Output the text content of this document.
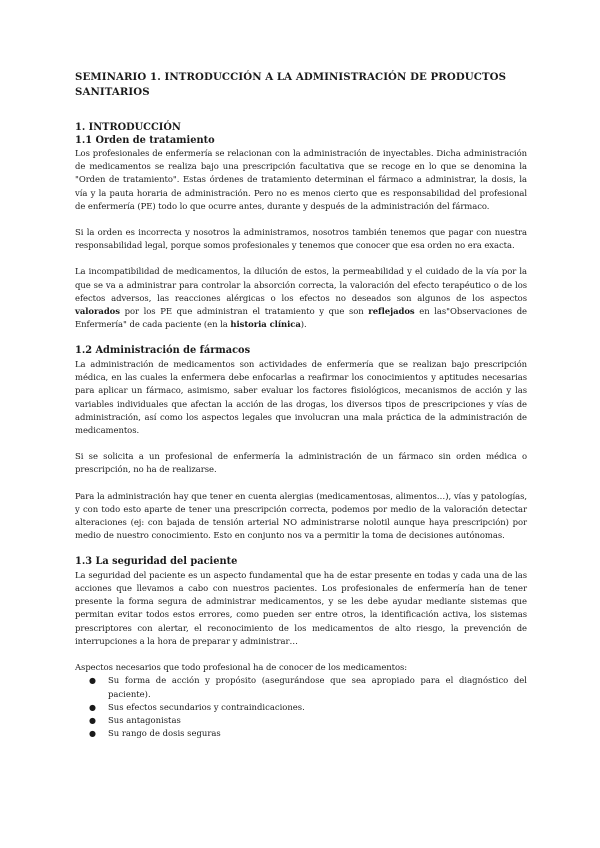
SEMINARIO 1. INTRODUCCIÓN A LA ADMINISTRACIÓN DE PRODUCTOS SANITARIOS
1. INTRODUCCIÓN
1.1 Orden de tratamiento

Los profesionales de enfermería se relacionan con la administración de inyectables. Dicha administración de medicamentos se realiza bajo una prescripción facultativa que se recoge en lo que se denomina la "Orden de tratamiento". Estas órdenes de tratamiento determinan el fármaco a administrar, la dosis, la vía y la pauta horaria de administración. Pero no es menos cierto que es responsabilidad del profesional de enfermería (PE) todo lo que ocurre antes, durante y después de la administración del fármaco.

Si la orden es incorrecta y nosotros la administramos, nosotros también tenemos que pagar con nuestra responsabilidad legal, porque somos profesionales y tenemos que conocer que esa orden no era exacta.

La incompatibilidad de medicamentos, la dilución de estos, la permeabilidad y el cuidado de la vía por la que se va a administrar para controlar la absorción correcta, la valoración del efecto terapéutico o de los efectos adversos, las reacciones alérgicas o los efectos no deseados son algunos de los aspectos valorados por los PE que administran el tratamiento y que son reflejados en las"Observaciones de Enfermería" de cada paciente (en la historia clínica).

1.2 Administración de fármacos

La administración de medicamentos son actividades de enfermería que se realizan bajo prescripción médica, en las cuales la enfermera debe enfocarlas a reafirmar los conocimientos y aptitudes necesarias para aplicar un fármaco, asimismo, saber evaluar los factores fisiológicos, mecanismos de acción y las variables individuales que afectan la acción de las drogas, los diversos tipos de prescripciones y vías de administración, así como los aspectos legales que involucran una mala práctica de la administración de medicamentos.

Si se solicita a un profesional de enfermería la administración de un fármaco sin orden médica o prescripción, no ha de realizarse.

Para la administración hay que tener en cuenta alergias (medicamentosas, alimentos…), vías y patologías, y con todo esto aparte de tener una prescripción correcta, podemos por medio de la valoración detectar alteraciones (ej: con bajada de tensión arterial NO administrarse nolotil aunque haya prescripción) por medio de nuestro conocimiento. Esto en conjunto nos va a permitir la toma de decisiones autónomas.

1.3 La seguridad del paciente

La seguridad del paciente es un aspecto fundamental que ha de estar presente en todas y cada una de las acciones que llevamos a cabo con nuestros pacientes. Los profesionales de enfermería han de tener presente la forma segura de administrar medicamentos, y se les debe ayudar mediante sistemas que permitan evitar todos estos errores, como pueden ser entre otros, la identificación activa, los sistemas prescriptores con alertar, el reconocimiento de los medicamentos de alto riesgo, la prevención de interrupciones a la hora de preparar y administrar…

Aspectos necesarios que todo profesional ha de conocer de los medicamentos:

● Su forma de acción y propósito (asegurándose que sea apropiado para el diagnóstico del paciente).
● Sus efectos secundarios y contraindicaciones.
● Sus antagonistas
● Su rango de dosis seguras
